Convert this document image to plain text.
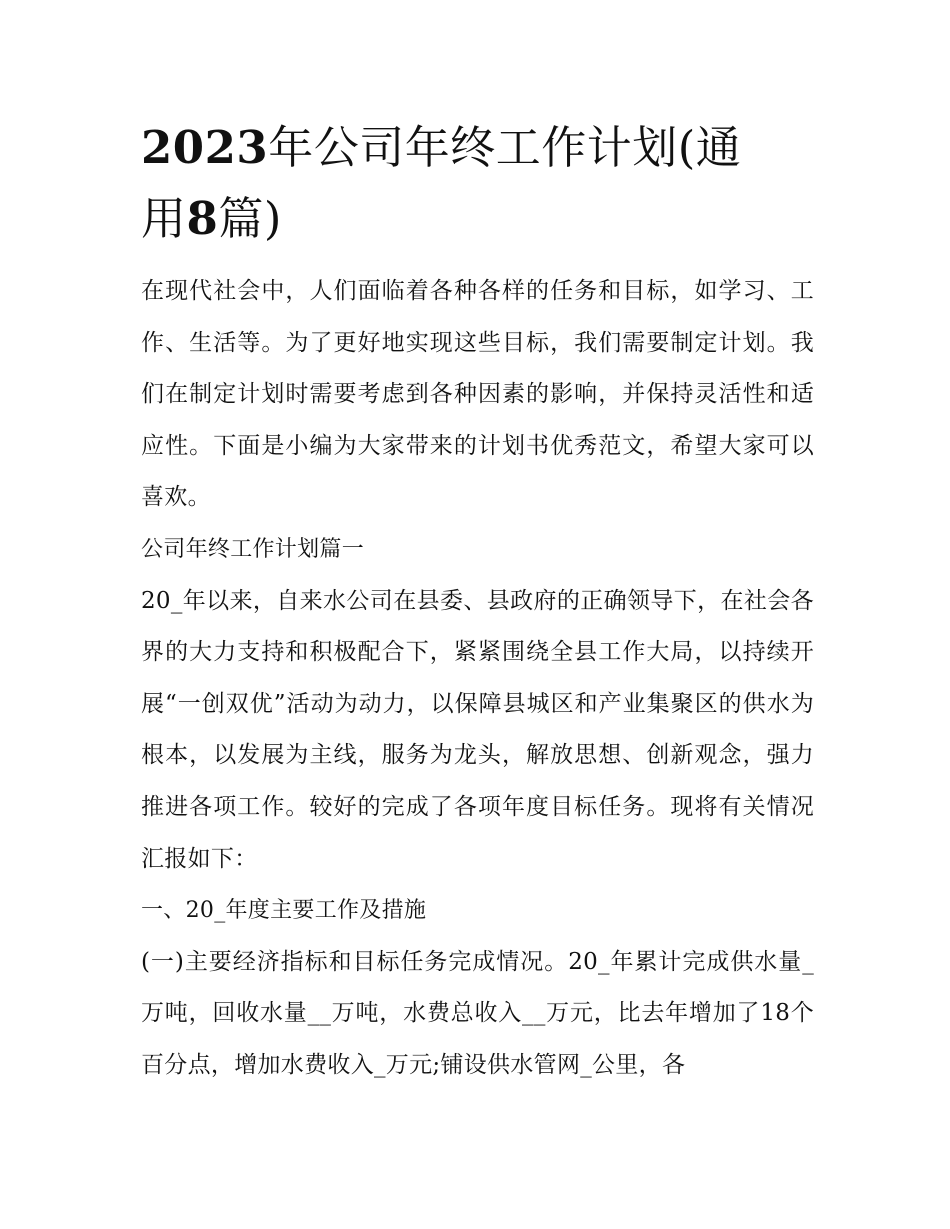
2023年公司年终工作计划(通
用8篇)

在现代社会中，人们面临着各种各样的任务和目标，如学习、工作、生活等。为了更好地实现这些目标，我们需要制定计划。我们在制定计划时需要考虑到各种因素的影响，并保持灵活性和适应性。下面是小编为大家带来的计划书优秀范文，希望大家可以喜欢。

公司年终工作计划篇一

20_年以来，自来水公司在县委、县政府的正确领导下，在社会各界的大力支持和积极配合下，紧紧围绕全县工作大局，以持续开展“一创双优”活动为动力，以保障县城区和产业集聚区的供水为根本，以发展为主线，服务为龙头，解放思想、创新观念，强力推进各项工作。较好的完成了各项年度目标任务。现将有关情况汇报如下：

一、20_年度主要工作及措施

(一)主要经济指标和目标任务完成情况。20_年累计完成供水量_万吨，回收水量__万吨，水费总收入__万元，比去年增加了18个百分点，增加水费收入_万元;铺设供水管网_公里，各
